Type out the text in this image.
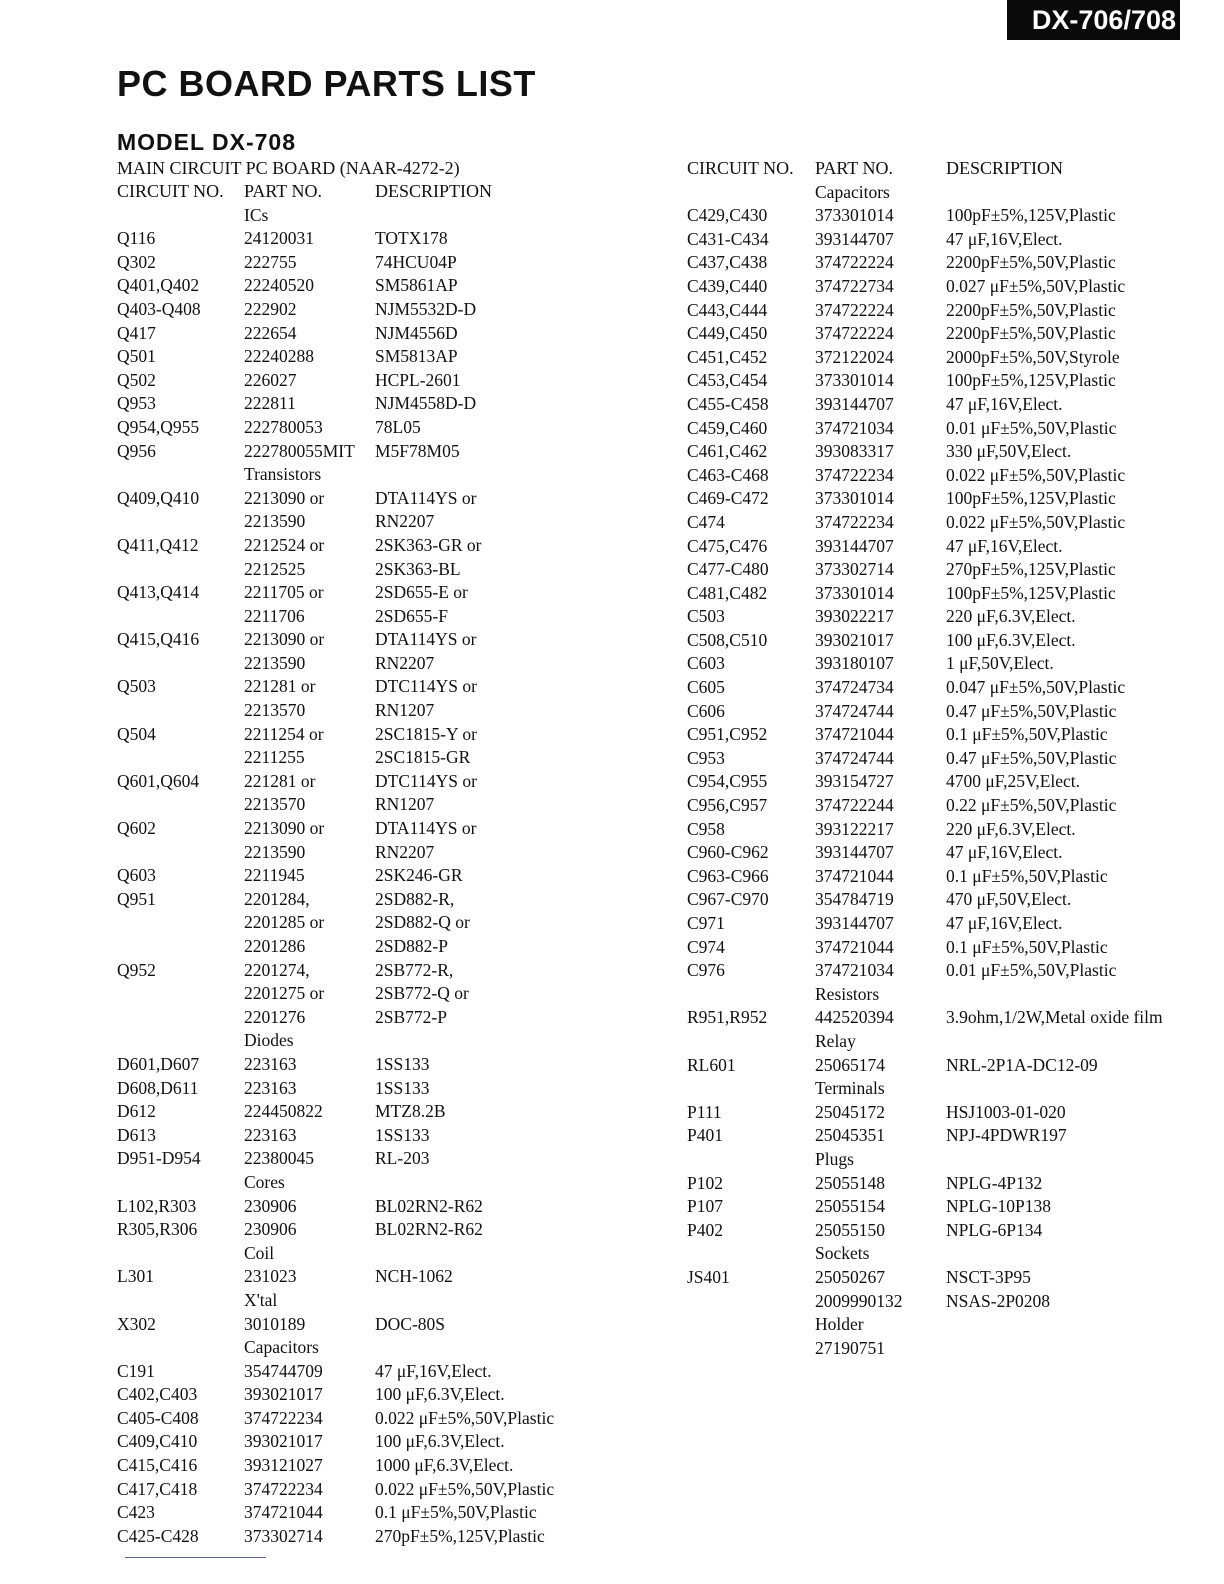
DX-706/708
PC BOARD PARTS LIST
MODEL DX-708
MAIN CIRCUIT PC BOARD (NAAR-4272-2)
CIRCUIT NO. PART NO.	DESCRIPTION
ICs
Q116	24120031	TOTX178
Q302	222755	74HCU04P
Q401,Q402	22240520	SM5861AP
Q403-Q408 222902	NJM5532D-D
Q417	222654	NJM4556D
Q501	22240288	SM5813AP
Q502	226027	HCPL-2601
Q953	222811	NJM4558D-D
Q954,Q955	222780053	78L05
Q956	222780055MIT M5F78M05
Transistors
Q409,Q410	2213090 or	DTA114YS or
2213590	RN2207
Q411,Q412	2212524 or	2SK363-GR or
2212525	2SK363-BL
Q413,Q414	2211705 or	2SD655-E or
2211706	2SD655-F
Q415,Q416	2213090 or	DTA114YS or
2213590	RN2207
Q503	221281 or	DTC114YS or
2213570	RN1207
Q504	2211254 or	2SC1815-Y or
2211255	2SC1815-GR
Q601,Q604	221281 or	DTC114YS or
2213570	RN1207
Q602	2213090 or	DTA114YS or
2213590	RN2207
Q603	2211945	2SK246-GR
Q951	2201284,	2SD882-R,
2201285 or	2SD882-Q or
2201286	2SD882-P
Q952	2201274,	2SB772-R,
2201275 or	2SB772-Q or
2201276	2SB772-P
Diodes
D601,D607	223163	1SS133
D608,D611	223163	1SS133
D612	224450822	MTZ8.2B
D613	223163	1SS133
D951-D954 22380045	RL-203
Cores
L102,R303	230906	BL02RN2-R62
R305,R306	230906	BL02RN2-R62
Coil
L301	231023	NCH-1062
X'tal
X302	3010189	DOC-80S
Capacitors
C191	354744709	47 μF,16V,Elect.
C402,C403	393021017	100 μF,6.3V,Elect.
C405-C408	374722234	0.022 μF±5%,50V,Plastic
C409,C410	393021017	100 μF,6.3V,Elect.
C415,C416	393121027	1000 μF,6.3V,Elect.
C417,C418	374722234	0.022 μF±5%,50V,Plastic
C423	374721044	0.1 μF±5%,50V,Plastic
C425-C428	373302714	270pF±5%,125V,Plastic
CIRCUIT NO. PART NO.	DESCRIPTION
Capacitors
C429,C430	373301014	100pF±5%,125V,Plastic
C431-C434	393144707	47 μF,16V,Elect.
C437,C438	374722224	2200pF±5%,50V,Plastic
C439,C440	374722734	0.027 μF±5%,50V,Plastic
C443,C444	374722224	2200pF±5%,50V,Plastic
C449,C450	374722224	2200pF±5%,50V,Plastic
C451,C452	372122024	2000pF±5%,50V,Styrole
C453,C454	373301014	100pF±5%,125V,Plastic
C455-C458	393144707	47 μF,16V,Elect.
C459,C460	374721034	0.01 μF±5%,50V,Plastic
C461,C462	393083317	330 μF,50V,Elect.
C463-C468	374722234	0.022 μF±5%,50V,Plastic
C469-C472	373301014	100pF±5%,125V,Plastic
C474	374722234	0.022 μF±5%,50V,Plastic
C475,C476	393144707	47 μF,16V,Elect.
C477-C480	373302714	270pF±5%,125V,Plastic
C481,C482	373301014	100pF±5%,125V,Plastic
C503	393022217	220 μF,6.3V,Elect.
C508,C510	393021017	100 μF,6.3V,Elect.
C603	393180107	1 μF,50V,Elect.
C605	374724734	0.047 μF±5%,50V,Plastic
C606	374724744	0.47 μF±5%,50V,Plastic
C951,C952	374721044	0.1 μF±5%,50V,Plastic
C953	374724744	0.47 μF±5%,50V,Plastic
C954,C955	393154727	4700 μF,25V,Elect.
C956,C957	374722244	0.22 μF±5%,50V,Plastic
C958	393122217	220 μF,6.3V,Elect.
C960-C962	393144707	47 μF,16V,Elect.
C963-C966	374721044	0.1 μF±5%,50V,Plastic
C967-C970	354784719	470 μF,50V,Elect.
C971	393144707	47 μF,16V,Elect.
C974	374721044	0.1 μF±5%,50V,Plastic
C976	374721034	0.01 μF±5%,50V,Plastic
Resistors
R951,R952	442520394	3.9ohm,1/2W,Metal oxide film
Relay
RL601	25065174	NRL-2P1A-DC12-09
Terminals
P111	25045172	HSJ1003-01-020
P401	25045351	NPJ-4PDWR197
Plugs
P102	25055148	NPLG-4P132
P107	25055154	NPLG-10P138
P402	25055150	NPLG-6P134
Sockets
JS401	25050267	NSCT-3P95
2009990132 NSAS-2P0208
Holder
27190751
